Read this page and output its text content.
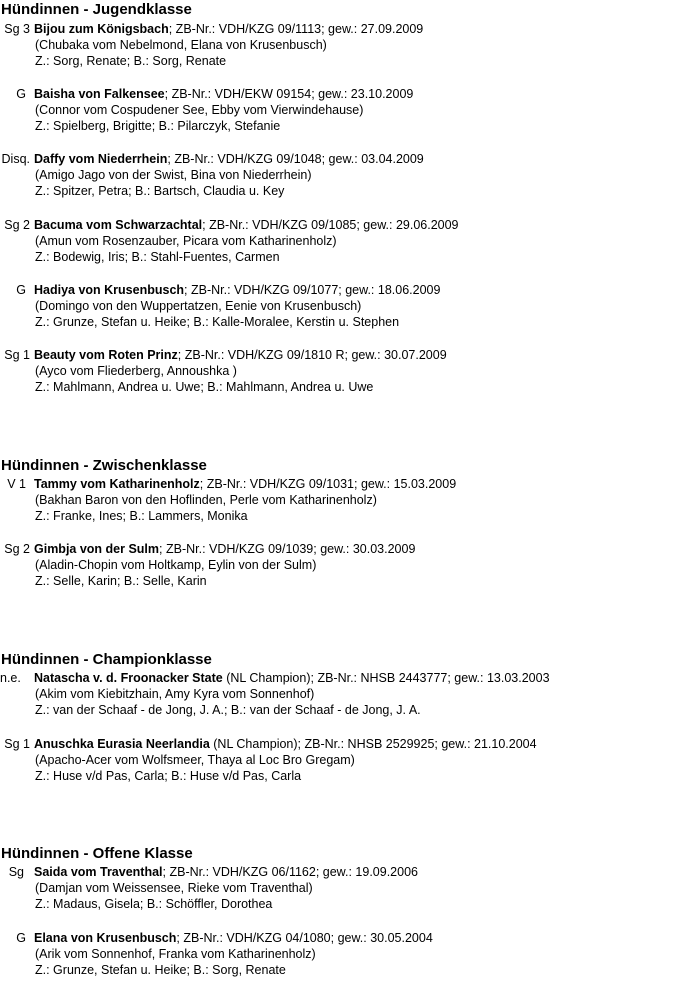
Hündinnen - Jugendklasse
Sg 3 Bijou zum Königsbach; ZB-Nr.: VDH/KZG 09/1113; gew.: 27.09.2009
(Chubaka vom Nebelmond, Elana von Krusenbusch)
Z.: Sorg, Renate; B.: Sorg, Renate
G Baisha von Falkensee; ZB-Nr.: VDH/EKW 09154; gew.: 23.10.2009
(Connor vom Cospudener See, Ebby vom Vierwindehause)
Z.: Spielberg, Brigitte; B.: Pilarczyk, Stefanie
Disq. Daffy vom Niederrhein; ZB-Nr.: VDH/KZG 09/1048; gew.: 03.04.2009
(Amigo Jago von der Swist, Bina von Niederrhein)
Z.: Spitzer, Petra; B.: Bartsch, Claudia u. Key
Sg 2 Bacuma vom Schwarzachtal; ZB-Nr.: VDH/KZG 09/1085; gew.: 29.06.2009
(Amun vom Rosenzauber, Picara vom Katharinenholz)
Z.: Bodewig, Iris; B.: Stahl-Fuentes, Carmen
G Hadiya von Krusenbusch; ZB-Nr.: VDH/KZG 09/1077; gew.: 18.06.2009
(Domingo von den Wuppertatzen, Eenie von Krusenbusch)
Z.: Grunze, Stefan u. Heike; B.: Kalle-Moralee, Kerstin u. Stephen
Sg 1 Beauty vom Roten Prinz; ZB-Nr.: VDH/KZG 09/1810 R; gew.: 30.07.2009
(Ayco vom Fliederberg, Annoushka )
Z.: Mahlmann, Andrea u. Uwe; B.: Mahlmann, Andrea u. Uwe
Hündinnen - Zwischenklasse
V 1 Tammy vom Katharinenholz; ZB-Nr.: VDH/KZG 09/1031; gew.: 15.03.2009
(Bakhan Baron von den Hoflinden, Perle vom Katharinenholz)
Z.: Franke, Ines; B.: Lammers, Monika
Sg 2 Gimbja von der Sulm; ZB-Nr.: VDH/KZG 09/1039; gew.: 30.03.2009
(Aladin-Chopin vom Holtkamp, Eylin von der Sulm)
Z.: Selle, Karin; B.: Selle, Karin
Hündinnen - Championklasse
n.e.	Natascha v. d. Froonacker State (NL Champion); ZB-Nr.: NHSB 2443777; gew.: 13.03.2003
(Akim vom Kiebitzhain, Amy Kyra vom Sonnenhof)
Z.: van der Schaaf - de Jong, J. A.; B.: van der Schaaf - de Jong, J. A.
Sg 1 Anuschka Eurasia Neerlandia (NL Champion); ZB-Nr.: NHSB 2529925; gew.: 21.10.2004
(Apacho-Acer vom Wolfsmeer, Thaya al Loc Bro Gregam)
Z.: Huse v/d Pas, Carla; B.: Huse v/d Pas, Carla
Hündinnen - Offene Klasse
Sg Saida vom Traventhal; ZB-Nr.: VDH/KZG 06/1162; gew.: 19.09.2006
(Damjan vom Weissensee, Rieke vom Traventhal)
Z.: Madaus, Gisela; B.: Schöffler, Dorothea
G Elana von Krusenbusch; ZB-Nr.: VDH/KZG 04/1080; gew.: 30.05.2004
(Arik vom Sonnenhof, Franka vom Katharinenholz)
Z.: Grunze, Stefan u. Heike; B.: Sorg, Renate
